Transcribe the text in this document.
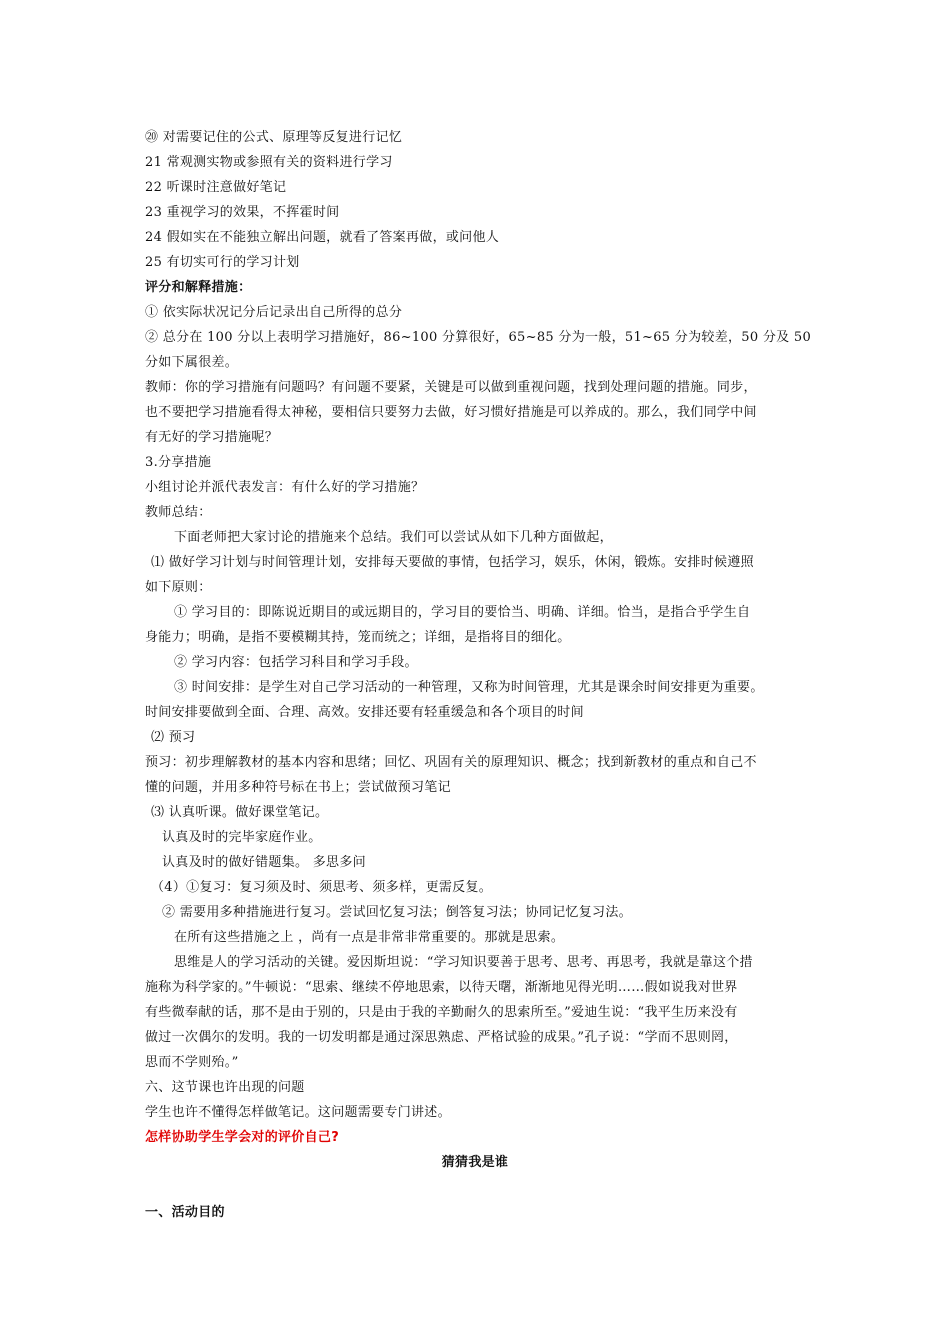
⑳ 对需要记住的公式、原理等反复进行记忆
21 常观测实物或参照有关的资料进行学习
22 听课时注意做好笔记
23 重视学习的效果，不挥霍时间
24 假如实在不能独立解出问题，就看了答案再做，或问他人
25 有切实可行的学习计划
评分和解释措施：
① 依实际状况记分后记录出自己所得的总分
② 总分在 100 分以上表明学习措施好，86~100 分算很好，65~85 分为一般，51~65 分为较差，50 分及 50
分如下属很差。
教师：你的学习措施有问题吗？有问题不要紧，关键是可以做到重视问题，找到处理问题的措施。同步，
也不要把学习措施看得太神秘，要相信只要努力去做，好习惯好措施是可以养成的。那么，我们同学中间
有无好的学习措施呢？
3.分享措施
小组讨论并派代表发言：有什么好的学习措施？
教师总结：
下面老师把大家讨论的措施来个总结。我们可以尝试从如下几种方面做起，
⑴ 做好学习计划与时间管理计划，安排每天要做的事情，包括学习，娱乐，休闲，锻炼。安排时候遵照
如下原则：
① 学习目的：即陈说近期目的或远期目的，学习目的要恰当、明确、详细。恰当，是指合乎学生自
身能力；明确，是指不要模糊其持，笼而统之；详细，是指将目的细化。
② 学习内容：包括学习科目和学习手段。
③ 时间安排：是学生对自己学习活动的一种管理，又称为时间管理，尤其是课余时间安排更为重要。
时间安排要做到全面、合理、高效。安排还要有轻重缓急和各个项目的时间
⑵ 预习
预习：初步理解教材的基本内容和思绪；回忆、巩固有关的原理知识、概念；找到新教材的重点和自己不
懂的问题，并用多种符号标在书上；尝试做预习笔记
⑶ 认真听课。做好课堂笔记。
认真及时的完毕家庭作业。
认真及时的做好错题集。 多思多问
（4）①复习：复习须及时、须思考、须多样，更需反复。
② 需要用多种措施进行复习。尝试回忆复习法；倒答复习法；协同记忆复习法。
在所有这些措施之上 ，尚有一点是非常非常重要的。那就是思索。
思维是人的学习活动的关键。爱因斯坦说：“学习知识要善于思考、思考、再思考，我就是靠这个措
施称为科学家的。”牛顿说：“思索、继续不停地思索，以待天曙，渐渐地见得光明……假如说我对世界
有些微奉献的话，那不是由于别的，只是由于我的辛勤耐久的思索所至。”爱迪生说：“我平生历来没有
做过一次偶尔的发明。我的一切发明都是通过深思熟虑、严格试验的成果。”孔子说：“学而不思则罔，
思而不学则殆。”
六、这节课也许出现的问题
学生也许不懂得怎样做笔记。这问题需要专门讲述。
怎样协助学生学会对的评价自己?
猜猜我是谁
一、活动目的
